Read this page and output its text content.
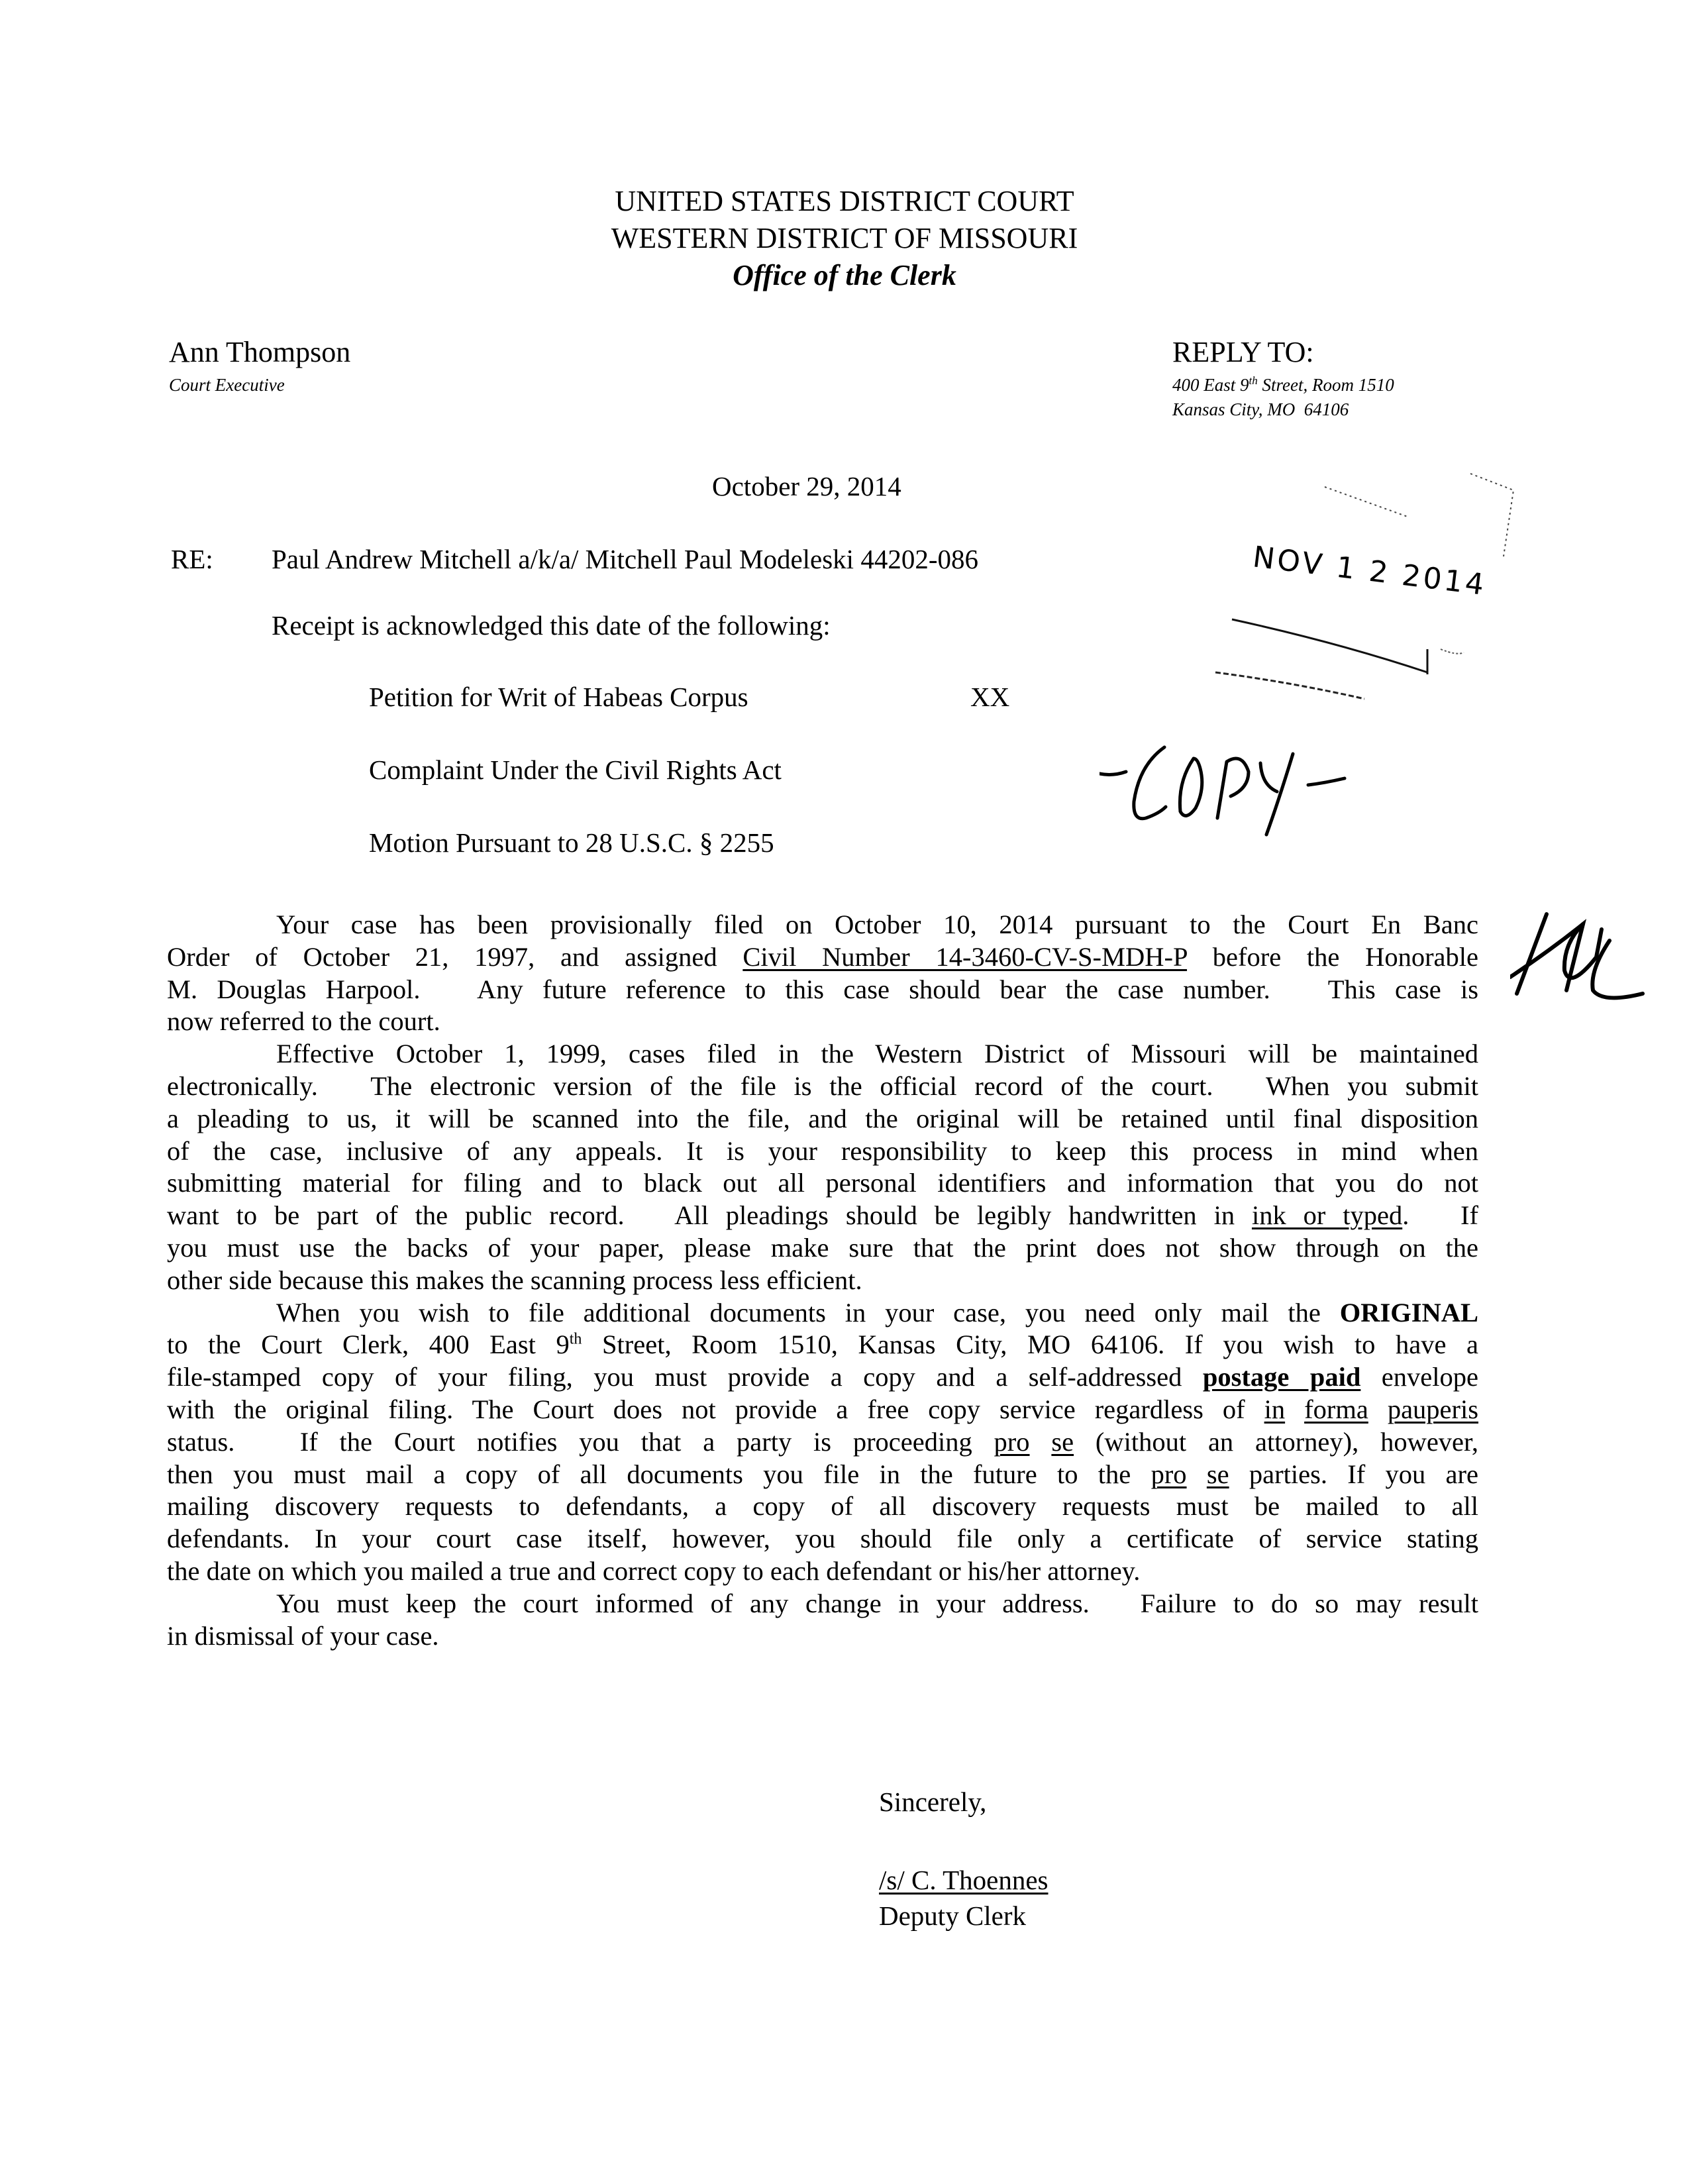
UNITED STATES DISTRICT COURT
WESTERN DISTRICT OF MISSOURI
Office of the Clerk
Ann Thompson
Court Executive
REPLY TO:
400 East 9th Street, Room 1510
Kansas City, MO  64106
October 29, 2014
NOV 1 2 2014
RE: Paul Andrew Mitchell a/k/a/ Mitchell Paul Modeleski 44202-086
Receipt is acknowledged this date of the following:
Petition for Writ of Habeas Corpus	XX
Complaint Under the Civil Rights Act
Motion Pursuant to 28 U.S.C. § 2255
Your case has been provisionally filed on October 10, 2014 pursuant to the Court En Banc
Order of October 21, 1997, and assigned Civil Number 14-3460-CV-S-MDH-P before the Honorable
M. Douglas Harpool.   Any future reference to this case should bear the case number.   This case is
now referred to the court.
Effective October 1, 1999, cases filed in the Western District of Missouri will be maintained
electronically.   The electronic version of the file is the official record of the court.   When you submit
a pleading to us, it will be scanned into the file, and the original will be retained until final disposition
of the case, inclusive of any appeals. It is your responsibility to keep this process in mind when
submitting material for filing and to black out all personal identifiers and information that you do not
want to be part of the public record.   All pleadings should be legibly handwritten in ink or typed.   If
you must use the backs of your paper, please make sure that the print does not show through on the
other side because this makes the scanning process less efficient.
When you wish to file additional documents in your case, you need only mail the ORIGINAL
to the Court Clerk, 400 East 9th Street, Room 1510, Kansas City, MO 64106. If you wish to have a
file-stamped copy of your filing, you must provide a copy and a self-addressed postage paid envelope
with the original filing. The Court does not provide a free copy service regardless of in forma pauperis
status.   If the Court notifies you that a party is proceeding pro se (without an attorney), however,
then you must mail a copy of all documents you file in the future to the pro se parties. If you are
mailing discovery requests to defendants, a copy of all discovery requests must be mailed to all
defendants. In your court case itself, however, you should file only a certificate of service stating
the date on which you mailed a true and correct copy to each defendant or his/her attorney.
You must keep the court informed of any change in your address.   Failure to do so may result
in dismissal of your case.
Sincerely,
/s/ C. Thoennes
Deputy Clerk
